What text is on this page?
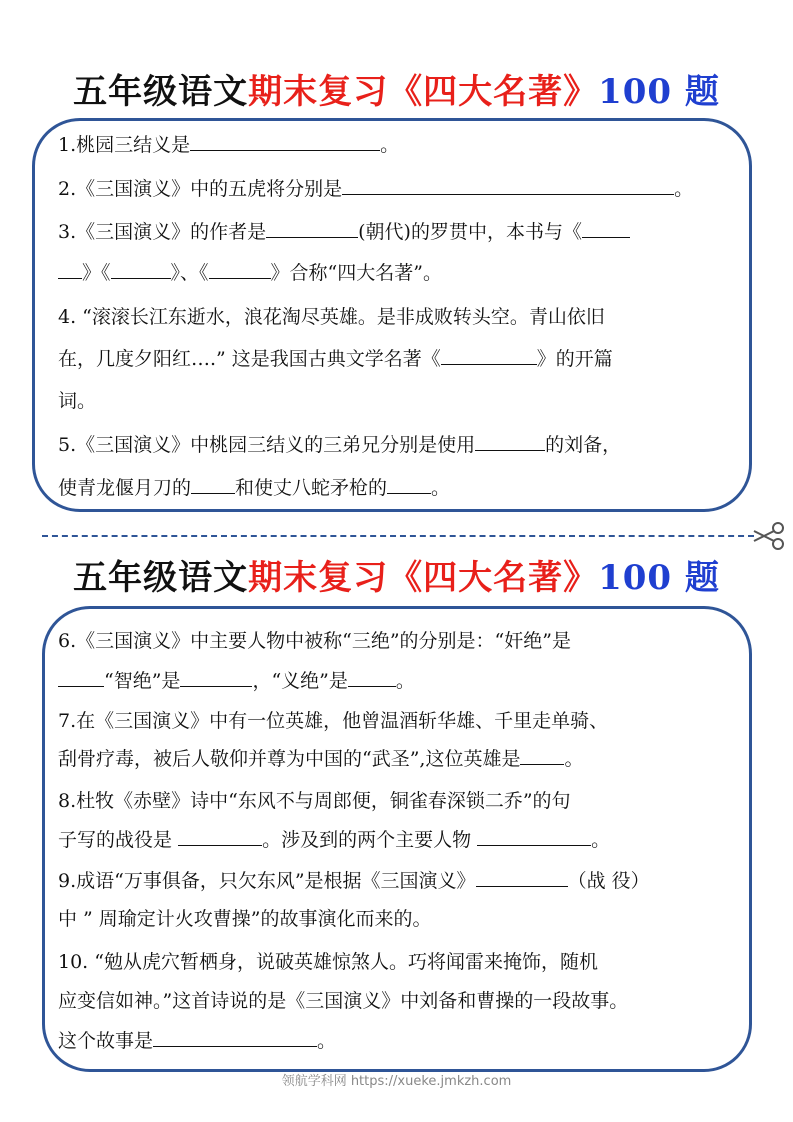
五年级语文期末复习《四大名著》100 题
1.桃园三结义是	。
2.《三国演义》中的五虎将分别是	。
3.《三国演义》的作者是	(朝代)的罗贯中，本书与《
》《	》、《	》合称“四大名著”。
4. “滚滚长江东逝水，浪花淘尽英雄。是非成败转头空。青山依旧
在，几度夕阳红….” 这是我国古典文学名著《	》的开篇
词。
5.《三国演义》中桃园三结义的三弟兄分别是使用	的刘备，
使青龙偃月刀的 和使丈八蛇矛枪的 。
五年级语文期末复习《四大名著》100 题
6.《三国演义》中主要人物中被称“三绝”的分别是：“奸绝”是
“智绝”是	，“义绝”是	。
7.在《三国演义》中有一位英雄，他曾温酒斩华雄、千里走单骑、
刮骨疗毒，被后人敬仰并尊为中国的“武圣”,这位英雄是 。
8.杜牧《赤壁》诗中“东风不与周郎便，铜雀春深锁二乔”的句
子写的战役是	。涉及到的两个主要人物	。
9.成语“万事俱备，只欠东风”是根据《三国演义》	（战 役）
中 ” 周瑜定计火攻曹操”的故事演化而来的。
10. “勉从虎穴暂栖身，说破英雄惊煞人。巧将闻雷来掩饰，随机
应变信如神。”这首诗说的是《三国演义》中刘备和曹操的一段故事。
这个故事是	。
领航学科网 https://xueke.jmkzh.com
